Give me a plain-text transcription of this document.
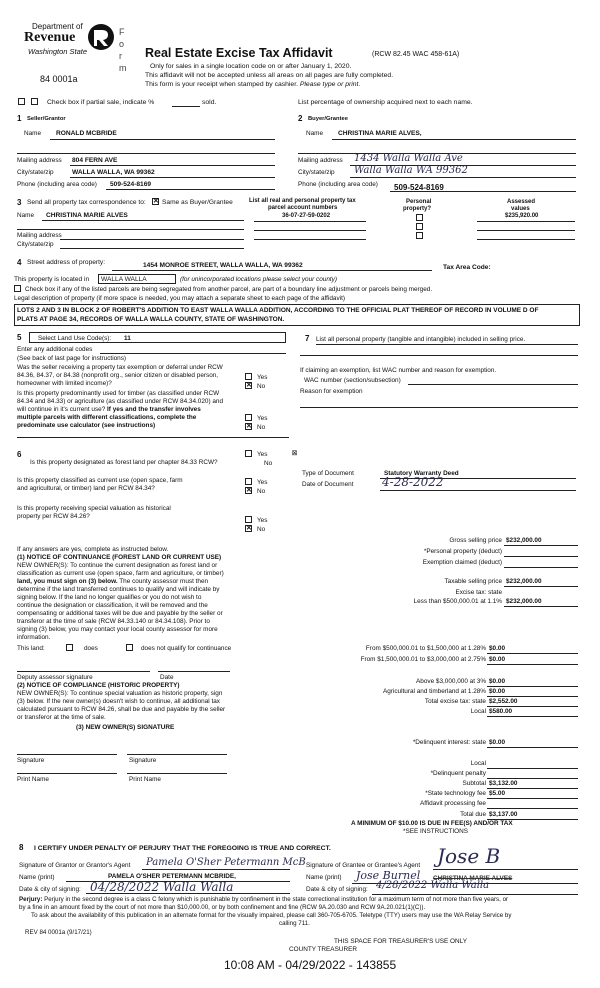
Department of
Revenue
Washington State
F
o
r
m
84 0001a
Real Estate Excise Tax Affidavit	(RCW 82.45 WAC 458-61A)
Only for sales in a single location code on or after January 1, 2020.
This affidavit will not be accepted unless all areas on all pages are fully completed.
This form is your receipt when stamped by cashier. Please type or print.
Check box if partial sale, indicate %	sold.	List percentage of ownership acquired next to each name.
1 Seller/Grantor
Name RONALD MCBRIDE
Mailing address 804 FERN AVE
City/state/zip	WALLA WALLA, WA 99362
Phone (including area code) 509-524-8169
2 Buyer/Grantee
Name CHRISTINA MARIE ALVES,
Mailing address 1434 Walla Walla Ave
City/state/zip Walla Walla WA 99362
Phone (including area code) 509-524-8169
3 Send all property tax correspondence to: ✕ Same as Buyer/Grantee
Name CHRISTINA MARIE ALVES
Mailing address
City/state/zip
List all real and personal property tax
parcel account numbers
36-07-27-59-0202
Personal
property?
Assessed
values
$235,920.00
4 Street address of property:	1454 MONROE STREET, WALLA WALLA, WA 99362	Tax Area Code:
This property is located in WALLA WALLA	(for unincorporated locations please select your county)
Check box if any of the listed parcels are being segregated from another parcel, are part of a boundary line adjustment or parcels being merged.
Legal description of property (if more space is needed, you may attach a separate sheet to each page of the affidavit)
LOTS 2 AND 3 IN BLOCK 2 OF ROBERT'S ADDITION TO EAST WALLA WALLA ADDITION, ACCORDING TO THE OFFICIAL PLAT THEREOF OF RECORD IN VOLUME D OF
PLATS AT PAGE 34, RECORDS OF WALLA WALLA COUNTY, STATE OF WASHINGTON.
5	Select Land Use Code(s): 11
Enter any additional codes
(See back of last page for instructions)
Was the seller receiving a property tax exemption or deferral under RCW
84.36, 84.37, or 84.38 (nonprofit org., senior citizen or disabled person,
homeowner with limited income)?
Yes
✕ No
Is this property predominantly used for timber (as classified under RCW
84.34 and 84.33) or agriculture (as classified under RCW 84.34.020) and
will continue in it's current use? If yes and the transfer involves
multiple parcels with different classifications, complete the
predominate use calculator (see instructions)
Yes
✕ No
7 List all personal property (tangible and intangible) included in selling price.
If claiming an exemption, list WAC number and reason for exemption.
WAC number (section/subsection)
Reason for exemption
Type of Document	Statutory Warranty Deed
Date of Document 4-28-2022
6
Is this property designated as forest land per chapter 84.33 RCW?
Yes
No
⊠
Is this property classified as current use (open space, farm
and agricultural, or timber) land per RCW 84.34?
Yes
✕ No
Is this property receiving special valuation as historical
property per RCW 84.26?
Yes
✕ No
If any answers are yes, complete as instructed below.
(1) NOTICE OF CONTINUANCE (FOREST LAND OR CURRENT USE)
NEW OWNER(S): To continue the current designation as forest land or
classification as current use (open space, farm and agriculture, or timber)
land, you must sign on (3) below. The county assessor must then
determine if the land transferred continues to qualify and will indicate by
signing below. If the land no longer qualifies or you do not wish to
continue the designation or classification, it will be removed and the
compensating or additional taxes will be due and payable by the seller or
transferor at the time of sale (RCW 84.33.140 or 84.34.108). Prior to
signing (3) below, you may contact your local county assessor for more
information.
This land:	does	does not qualify for continuance
Deputy assessor signature	Date
(2) NOTICE OF COMPLIANCE (HISTORIC PROPERTY)
NEW OWNER(S): To continue special valuation as historic property, sign
(3) below. If the new owner(s) doesn't wish to continue, all additional tax
calculated pursuant to RCW 84.26, shall be due and payable by the seller
or transferor at the time of sale.
(3) NEW OWNER(S) SIGNATURE
Signature	Signature
Print Name	Print Name
Gross selling price $232,000.00
*Personal property (deduct)
Exemption claimed (deduct)
Taxable selling price $232,000.00
Excise tax: state
Less than $500,000.01 at 1.1% $232,000.00
From $500,000.01 to $1,500,000 at 1.28% $0.00
From $1,500,000.01 to $3,000,000 at 2.75% $0.00
Above $3,000,000 at 3% $0.00
Agricultural and timberland at 1.28% $0.00
Total excise tax: state $2,552.00
Local $580.00
*Delinquent interest: state $0.00
Local
*Delinquent penalty
Subtotal $3,132.00
*State technology fee $5.00
Affidavit processing fee
Total due $3,137.00
A MINIMUM OF $10.00 IS DUE IN FEE(S) AND/OR TAX
*SEE INSTRUCTIONS
8 I CERTIFY UNDER PENALTY OF PERJURY THAT THE FOREGOING IS TRUE AND CORRECT.
Signature of Grantor or Grantor's Agent Pamela O'Sher Petermann McB
Name (print)	PAMELA O'SHER PETERMANN MCBRIDE,
Date & city of signing: 04/28/2022 Walla Walla
Signature of Grantee or Grantee's Agent Jose B
Name (print) Jose Burnel CHRISTINA MARIE ALVES
Date & city of signing: 4/28/2022 Walla Walla
Perjury: Perjury in the second degree is a class C felony which is punishable by confinement in the state correctional institution for a maximum term of not more than five years, or
by a fine in an amount fixed by the court of not more than $10,000.00, or by both confinement and fine (RCW 9A.20.030 and RCW 9A.20.021(1)(C)).
To ask about the availability of this publication in an alternate format for the visually impaired, please call 360-705-6705. Teletype (TTY) users may use the WA Relay Service by
calling 711.
REV 84 0001a (9/17/21)
THIS SPACE FOR TREASURER'S USE ONLY
COUNTY TREASURER
10:08 AM - 04/29/2022 - 143855
